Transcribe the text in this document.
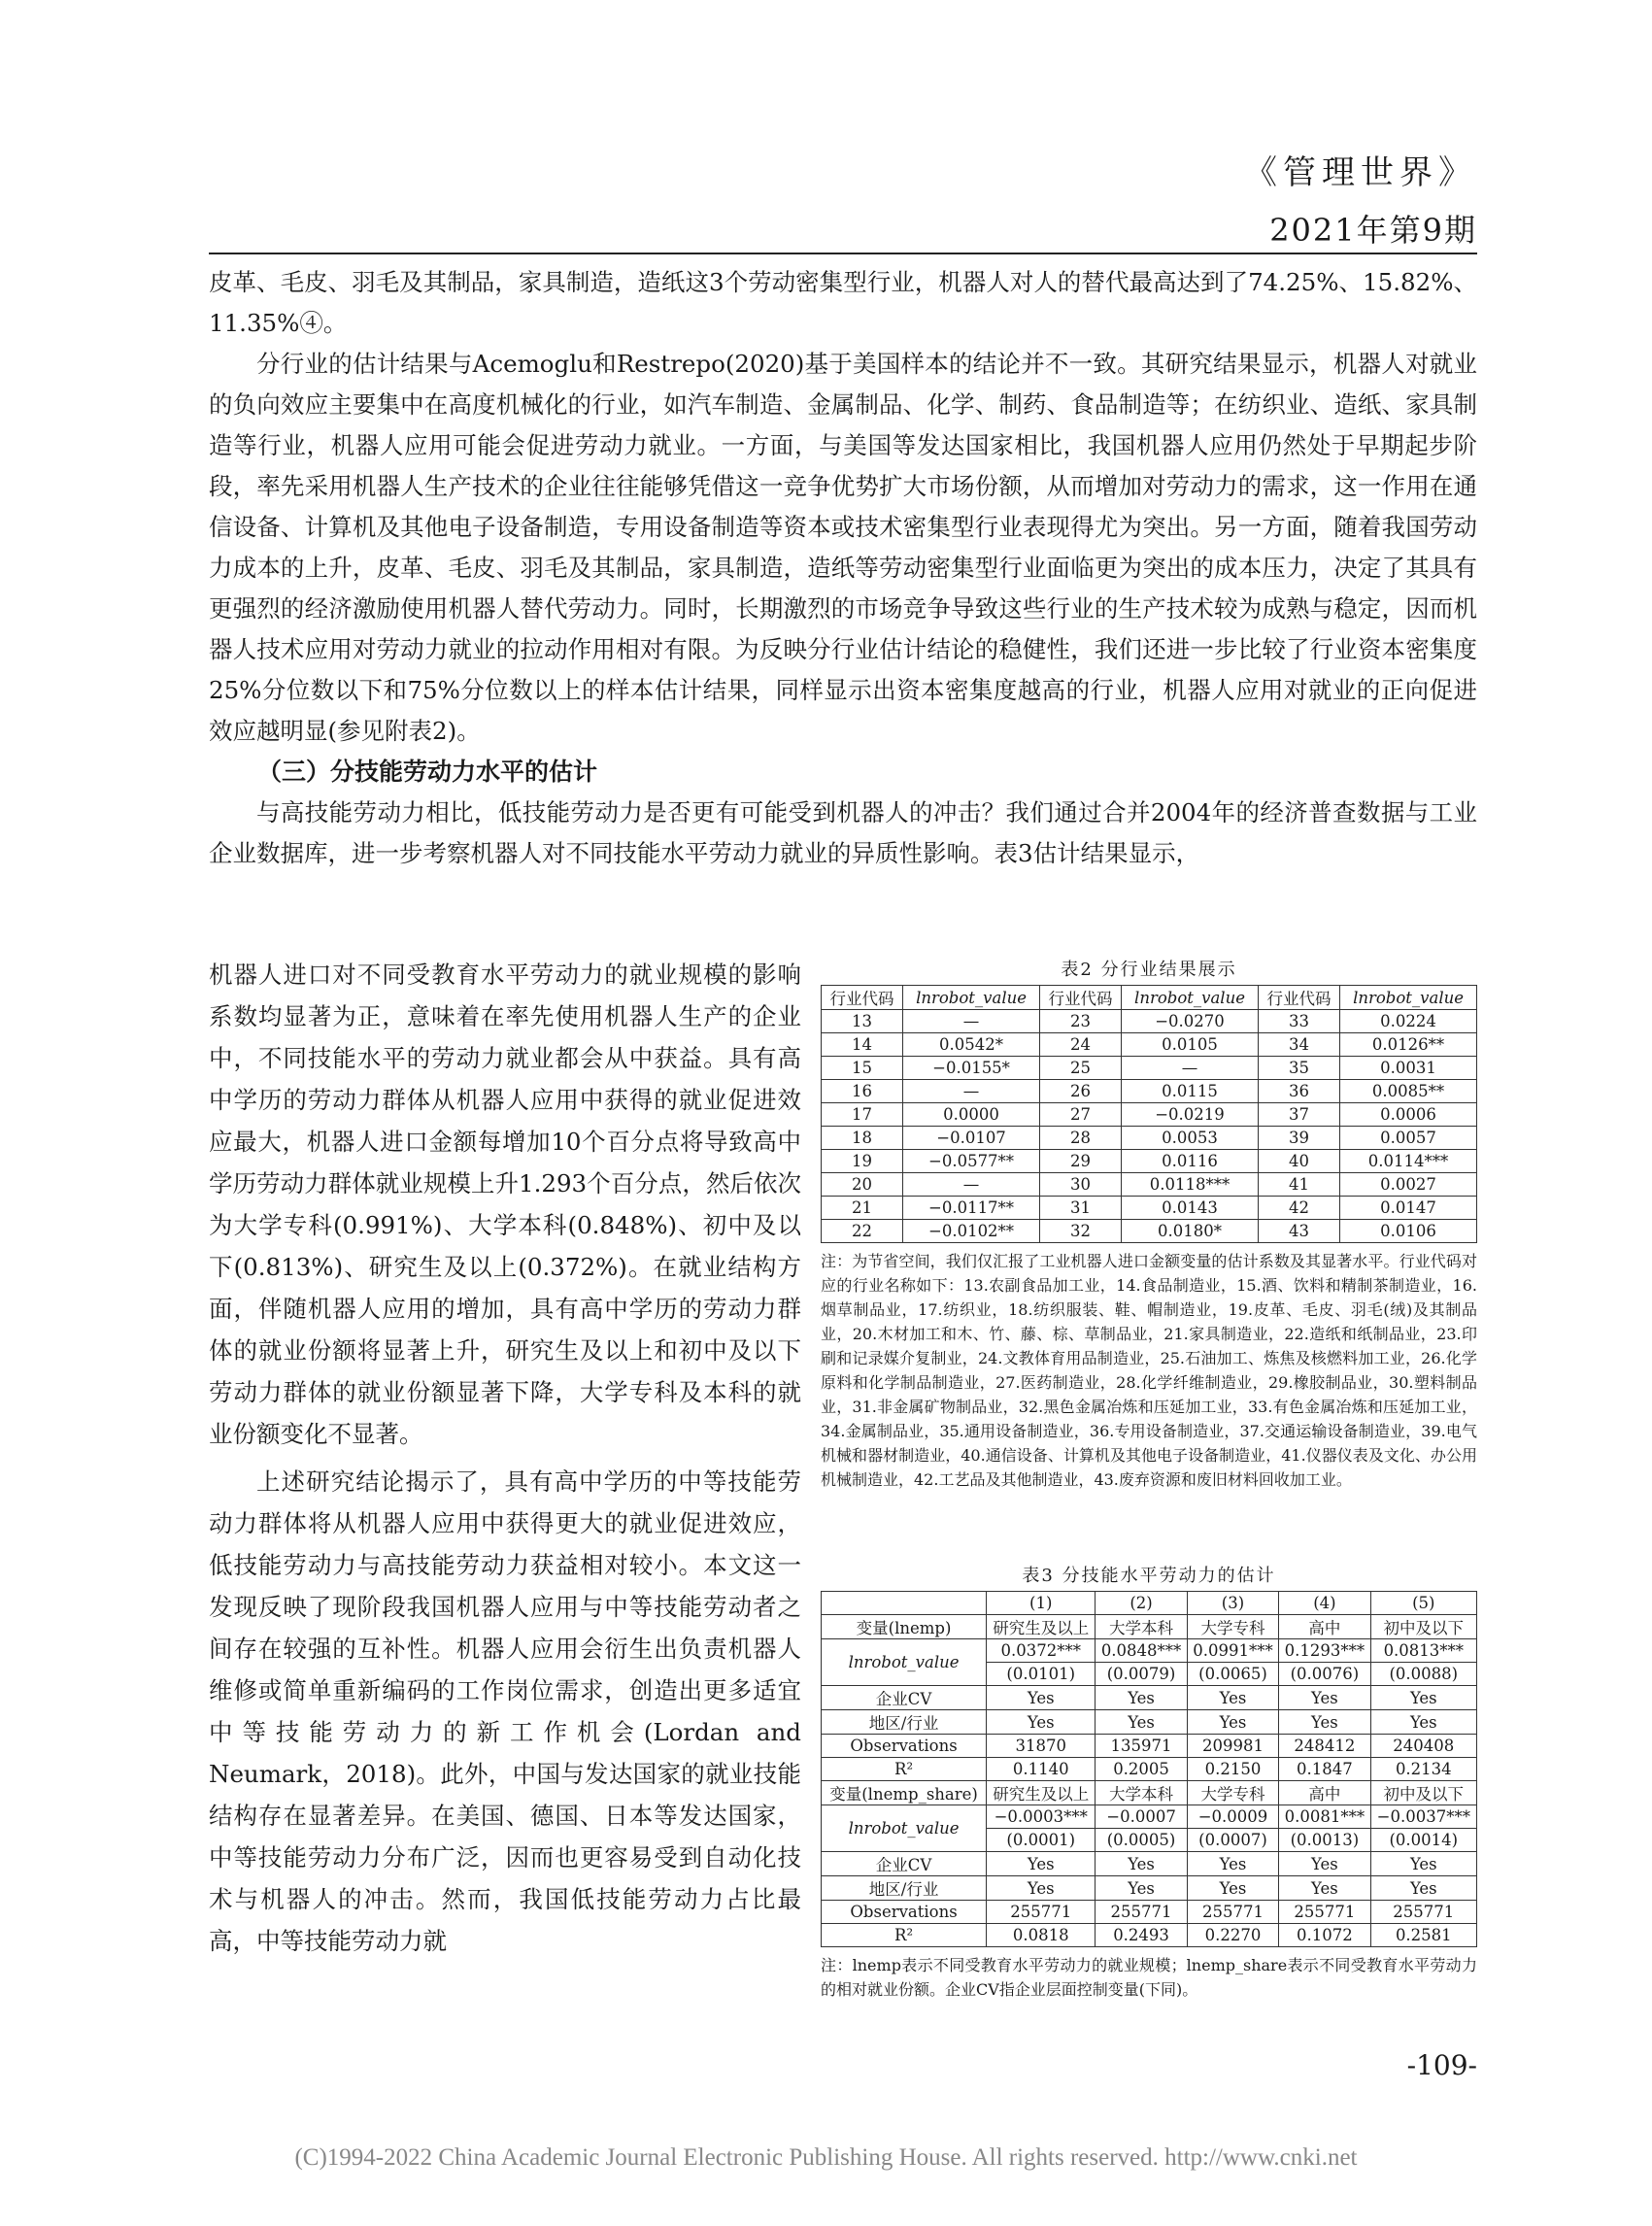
《管理世界》
2021年第9期

皮革、毛皮、羽毛及其制品，家具制造，造纸这3个劳动密集型行业，机器人对人的替代最高达到了74.25%、15.82%、11.35%④。

分行业的估计结果与Acemoglu和Restrepo(2020)基于美国样本的结论并不一致。其研究结果显示，机器人对就业的负向效应主要集中在高度机械化的行业，如汽车制造、金属制品、化学、制药、食品制造等；在纺织业、造纸、家具制造等行业，机器人应用可能会促进劳动力就业。一方面，与美国等发达国家相比，我国机器人应用仍然处于早期起步阶段，率先采用机器人生产技术的企业往往能够凭借这一竞争优势扩大市场份额，从而增加对劳动力的需求，这一作用在通信设备、计算机及其他电子设备制造，专用设备制造等资本或技术密集型行业表现得尤为突出。另一方面，随着我国劳动力成本的上升，皮革、毛皮、羽毛及其制品，家具制造，造纸等劳动密集型行业面临更为突出的成本压力，决定了其具有更强烈的经济激励使用机器人替代劳动力。同时，长期激烈的市场竞争导致这些行业的生产技术较为成熟与稳定，因而机器人技术应用对劳动力就业的拉动作用相对有限。为反映分行业估计结论的稳健性，我们还进一步比较了行业资本密集度25%分位数以下和75%分位数以上的样本估计结果，同样显示出资本密集度越高的行业，机器人应用对就业的正向促进效应越明显(参见附表2)。

（三）分技能劳动力水平的估计

与高技能劳动力相比，低技能劳动力是否更有可能受到机器人的冲击？我们通过合并2004年的经济普查数据与工业企业数据库，进一步考察机器人对不同技能水平劳动力就业的异质性影响。表3估计结果显示，

机器人进口对不同受教育水平劳动力的就业规模的影响系数均显著为正，意味着在率先使用机器人生产的企业中，不同技能水平的劳动力就业都会从中获益。具有高中学历的劳动力群体从机器人应用中获得的就业促进效应最大，机器人进口金额每增加10个百分点将导致高中学历劳动力群体就业规模上升1.293个百分点，然后依次为大学专科(0.991%)、大学本科(0.848%)、初中及以下(0.813%)、研究生及以上(0.372%)。在就业结构方面，伴随机器人应用的增加，具有高中学历的劳动力群体的就业份额将显著上升，研究生及以上和初中及以下劳动力群体的就业份额显著下降，大学专科及本科的就业份额变化不显著。

上述研究结论揭示了，具有高中学历的中等技能劳动力群体将从机器人应用中获得更大的就业促进效应，低技能劳动力与高技能劳动力获益相对较小。本文这一发现反映了现阶段我国机器人应用与中等技能劳动者之间存在较强的互补性。机器人应用会衍生出负责机器人维修或简单重新编码的工作岗位需求，创造出更多适宜中等技能劳动力的新工作机会(Lordan and Neumark，2018)。此外，中国与发达国家的就业技能结构存在显著差异。在美国、德国、日本等发达国家，中等技能劳动力分布广泛，因而也更容易受到自动化技术与机器人的冲击。然而，我国低技能劳动力占比最高，中等技能劳动力就

表2 分行业结果展示

行业代码	lnrobot_value	行业代码	lnrobot_value	行业代码	lnrobot_value
13	—	23	−0.0270	33	0.0224
14	0.0542*	24	0.0105	34	0.0126**
15	−0.0155*	25	—	35	0.0031
16	—	26	0.0115	36	0.0085**
17	0.0000	27	−0.0219	37	0.0006
18	−0.0107	28	0.0053	39	0.0057
19	−0.0577**	29	0.0116	40	0.0114***
20	—	30	0.0118***	41	0.0027
21	−0.0117**	31	0.0143	42	0.0147
22	−0.0102**	32	0.0180*	43	0.0106

注：为节省空间，我们仅汇报了工业机器人进口金额变量的估计系数及其显著水平。行业代码对应的行业名称如下：13.农副食品加工业，14.食品制造业，15.酒、饮料和精制茶制造业，16.烟草制品业，17.纺织业，18.纺织服装、鞋、帽制造业，19.皮革、毛皮、羽毛(绒)及其制品业，20.木材加工和木、竹、藤、棕、草制品业，21.家具制造业，22.造纸和纸制品业，23.印刷和记录媒介复制业，24.文教体育用品制造业，25.石油加工、炼焦及核燃料加工业，26.化学原料和化学制品制造业，27.医药制造业，28.化学纤维制造业，29.橡胶制品业，30.塑料制品业，31.非金属矿物制品业，32.黑色金属冶炼和压延加工业，33.有色金属冶炼和压延加工业，34.金属制品业，35.通用设备制造业，36.专用设备制造业，37.交通运输设备制造业，39.电气机械和器材制造业，40.通信设备、计算机及其他电子设备制造业，41.仪器仪表及文化、办公用机械制造业，42.工艺品及其他制造业，43.废弃资源和废旧材料回收加工业。

表3 分技能水平劳动力的估计

	(1)	(2)	(3)	(4)	(5)
变量(lnemp)	研究生及以上	大学本科	大学专科	高中	初中及以下
lnrobot_value	0.0372***	0.0848***	0.0991***	0.1293***	0.0813***
	(0.0101)	(0.0079)	(0.0065)	(0.0076)	(0.0088)
企业CV	Yes	Yes	Yes	Yes	Yes
地区/行业	Yes	Yes	Yes	Yes	Yes
Observations	31870	135971	209981	248412	240408
R²	0.1140	0.2005	0.2150	0.1847	0.2134
变量(lnemp_share)	研究生及以上	大学本科	大学专科	高中	初中及以下
lnrobot_value	−0.0003***	−0.0007	−0.0009	0.0081***	−0.0037***
	(0.0001)	(0.0005)	(0.0007)	(0.0013)	(0.0014)
企业CV	Yes	Yes	Yes	Yes	Yes
地区/行业	Yes	Yes	Yes	Yes	Yes
Observations	255771	255771	255771	255771	255771
R²	0.0818	0.2493	0.2270	0.1072	0.2581

注：lnemp表示不同受教育水平劳动力的就业规模；lnemp_share表示不同受教育水平劳动力的相对就业份额。企业CV指企业层面控制变量(下同)。

-109-
(C)1994-2022 China Academic Journal Electronic Publishing House. All rights reserved. http://www.cnki.net
